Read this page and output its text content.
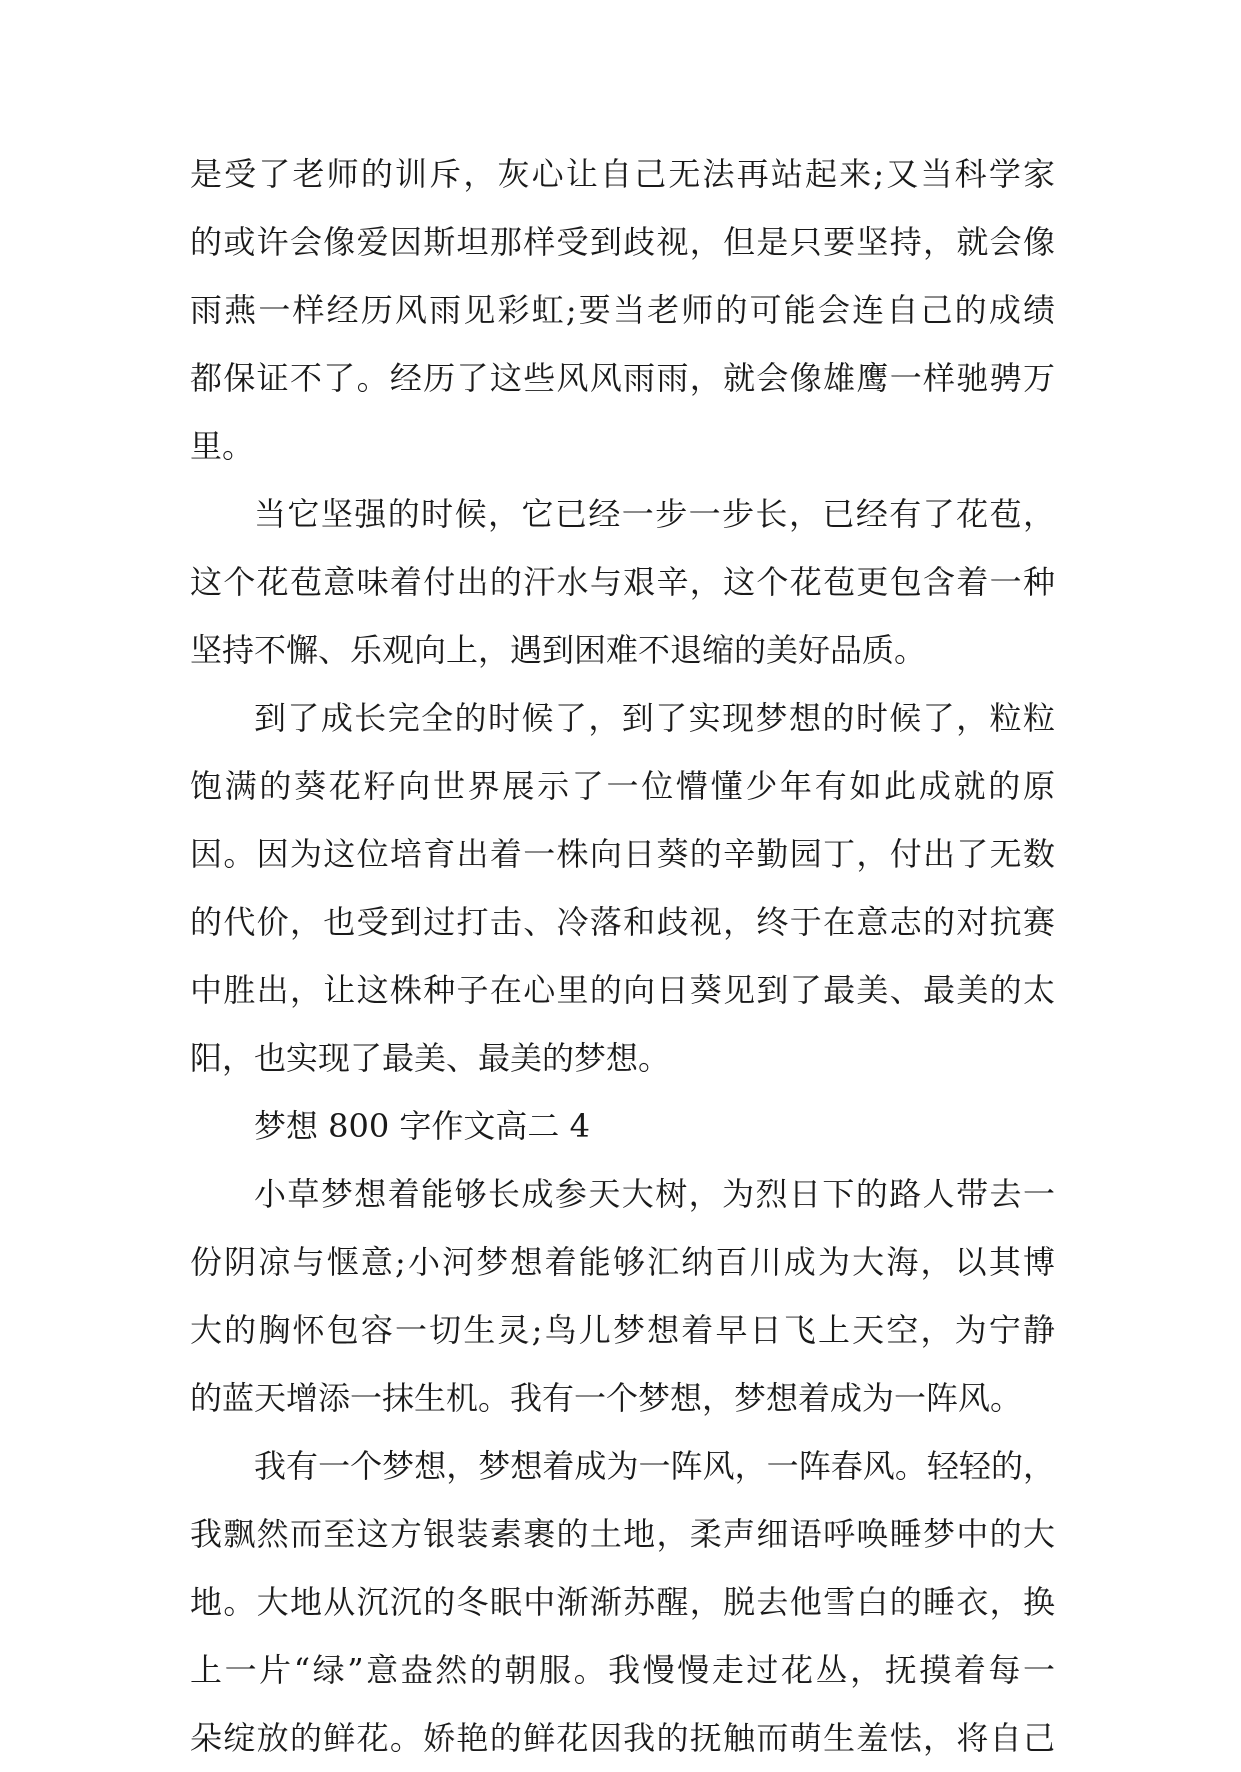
是受了老师的训斥，灰心让自己无法再站起来;又当科学家
的或许会像爱因斯坦那样受到歧视，但是只要坚持，就会像
雨燕一样经历风雨见彩虹;要当老师的可能会连自己的成绩
都保证不了。经历了这些风风雨雨，就会像雄鹰一样驰骋万
里。
当它坚强的时候，它已经一步一步长，已经有了花苞，
这个花苞意味着付出的汗水与艰辛，这个花苞更包含着一种
坚持不懈、乐观向上，遇到困难不退缩的美好品质。
到了成长完全的时候了，到了实现梦想的时候了，粒粒
饱满的葵花籽向世界展示了一位懵懂少年有如此成就的原
因。因为这位培育出着一株向日葵的辛勤园丁，付出了无数
的代价，也受到过打击、冷落和歧视，终于在意志的对抗赛
中胜出，让这株种子在心里的向日葵见到了最美、最美的太
阳，也实现了最美、最美的梦想。
梦想 800 字作文高二 4
小草梦想着能够长成参天大树，为烈日下的路人带去一
份阴凉与惬意;小河梦想着能够汇纳百川成为大海，以其博
大的胸怀包容一切生灵;鸟儿梦想着早日飞上天空，为宁静
的蓝天增添一抹生机。我有一个梦想，梦想着成为一阵风。
我有一个梦想，梦想着成为一阵风，一阵春风。轻轻的，
我飘然而至这方银装素裹的土地，柔声细语呼唤睡梦中的大
地。大地从沉沉的冬眠中渐渐苏醒，脱去他雪白的睡衣，换
上一片“绿”意盎然的朝服。我慢慢走过花丛，抚摸着每一
朵绽放的鲜花。娇艳的鲜花因我的抚触而萌生羞怯，将自己
